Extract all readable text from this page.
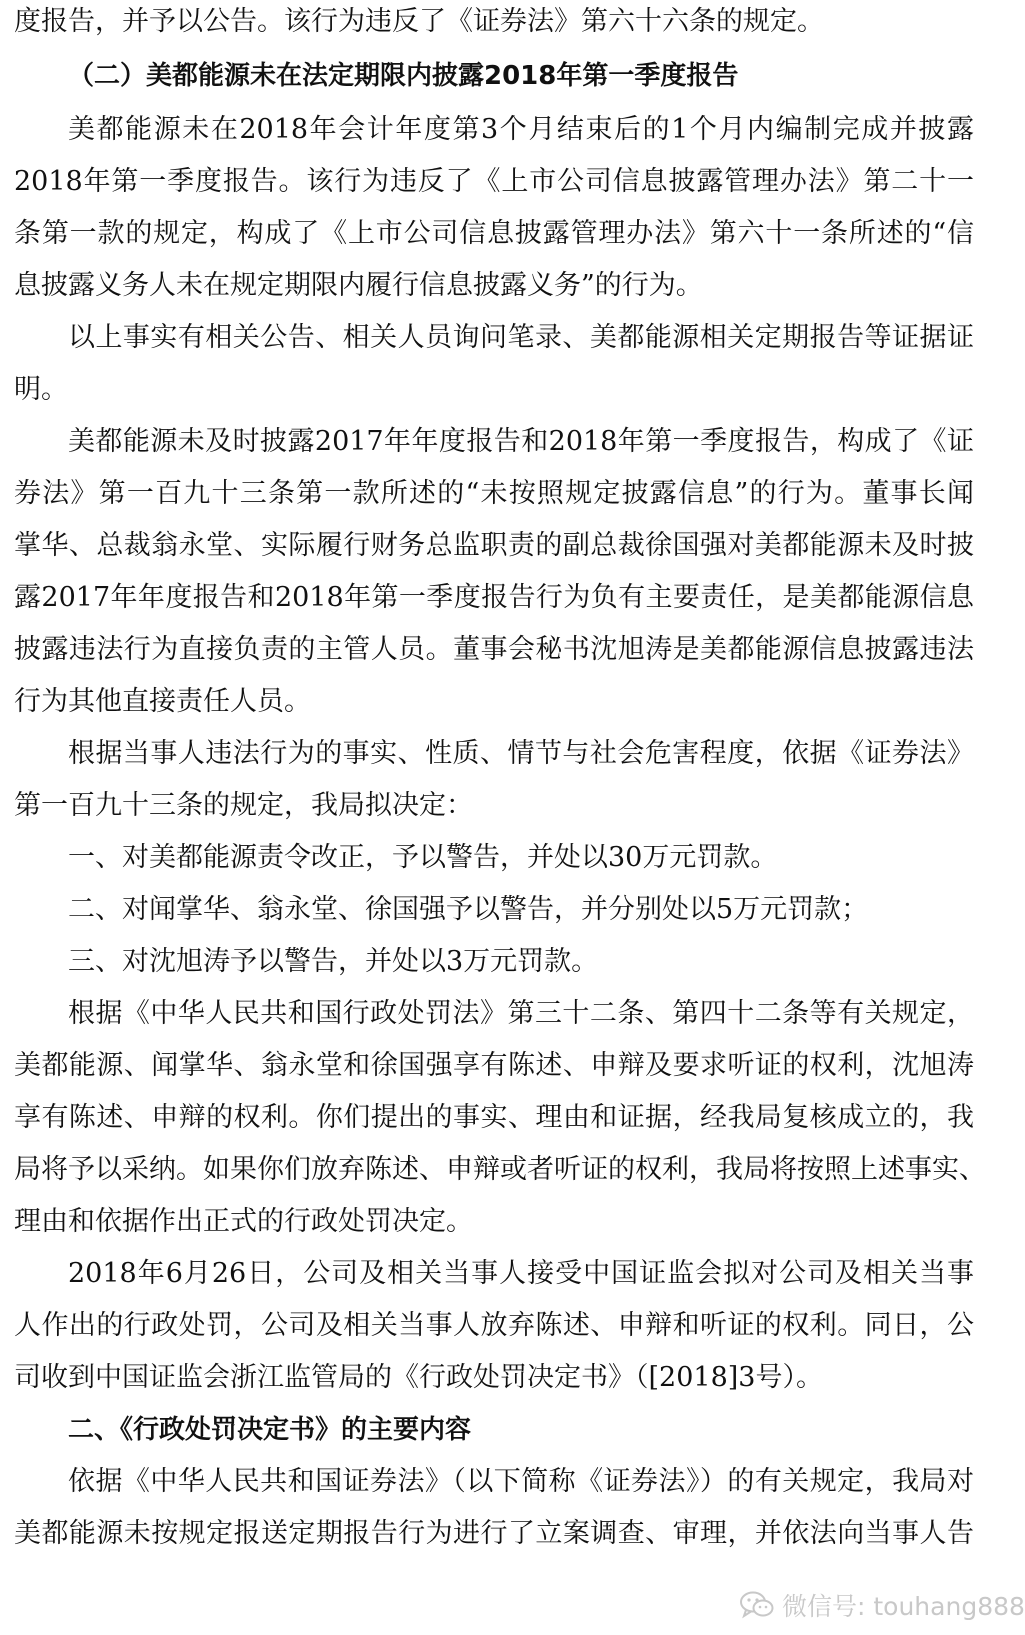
度报告，并予以公告。该行为违反了《证券法》第六十六条的规定。
（二）美都能源未在法定期限内披露2018年第一季度报告
美都能源未在2018年会计年度第3个月结束后的1个月内编制完成并披露
2018年第一季度报告。该行为违反了《上市公司信息披露管理办法》第二十一
条第一款的规定，构成了《上市公司信息披露管理办法》第六十一条所述的“信
息披露义务人未在规定期限内履行信息披露义务”的行为。
以上事实有相关公告、相关人员询问笔录、美都能源相关定期报告等证据证
明。
美都能源未及时披露2017年年度报告和2018年第一季度报告，构成了《证
券法》第一百九十三条第一款所述的“未按照规定披露信息”的行为。董事长闻
掌华、总裁翁永堂、实际履行财务总监职责的副总裁徐国强对美都能源未及时披
露2017年年度报告和2018年第一季度报告行为负有主要责任，是美都能源信息
披露违法行为直接负责的主管人员。董事会秘书沈旭涛是美都能源信息披露违法
行为其他直接责任人员。
根据当事人违法行为的事实、性质、情节与社会危害程度，依据《证券法》
第一百九十三条的规定，我局拟决定：
一、对美都能源责令改正，予以警告，并处以30万元罚款。
二、对闻掌华、翁永堂、徐国强予以警告，并分别处以5万元罚款；
三、对沈旭涛予以警告，并处以3万元罚款。
根据《中华人民共和国行政处罚法》第三十二条、第四十二条等有关规定，
美都能源、闻掌华、翁永堂和徐国强享有陈述、申辩及要求听证的权利，沈旭涛
享有陈述、申辩的权利。你们提出的事实、理由和证据，经我局复核成立的，我
局将予以采纳。如果你们放弃陈述、申辩或者听证的权利，我局将按照上述事实、
理由和依据作出正式的行政处罚决定。
2018年6月26日，公司及相关当事人接受中国证监会拟对公司及相关当事
人作出的行政处罚，公司及相关当事人放弃陈述、申辩和听证的权利。同日，公
司收到中国证监会浙江监管局的《行政处罚决定书》（[2018]3号）。
二、《行政处罚决定书》的主要内容
依据《中华人民共和国证券法》（以下简称《证券法》）的有关规定，我局对
美都能源未按规定报送定期报告行为进行了立案调查、审理，并依法向当事人告
微信号: touhang888
